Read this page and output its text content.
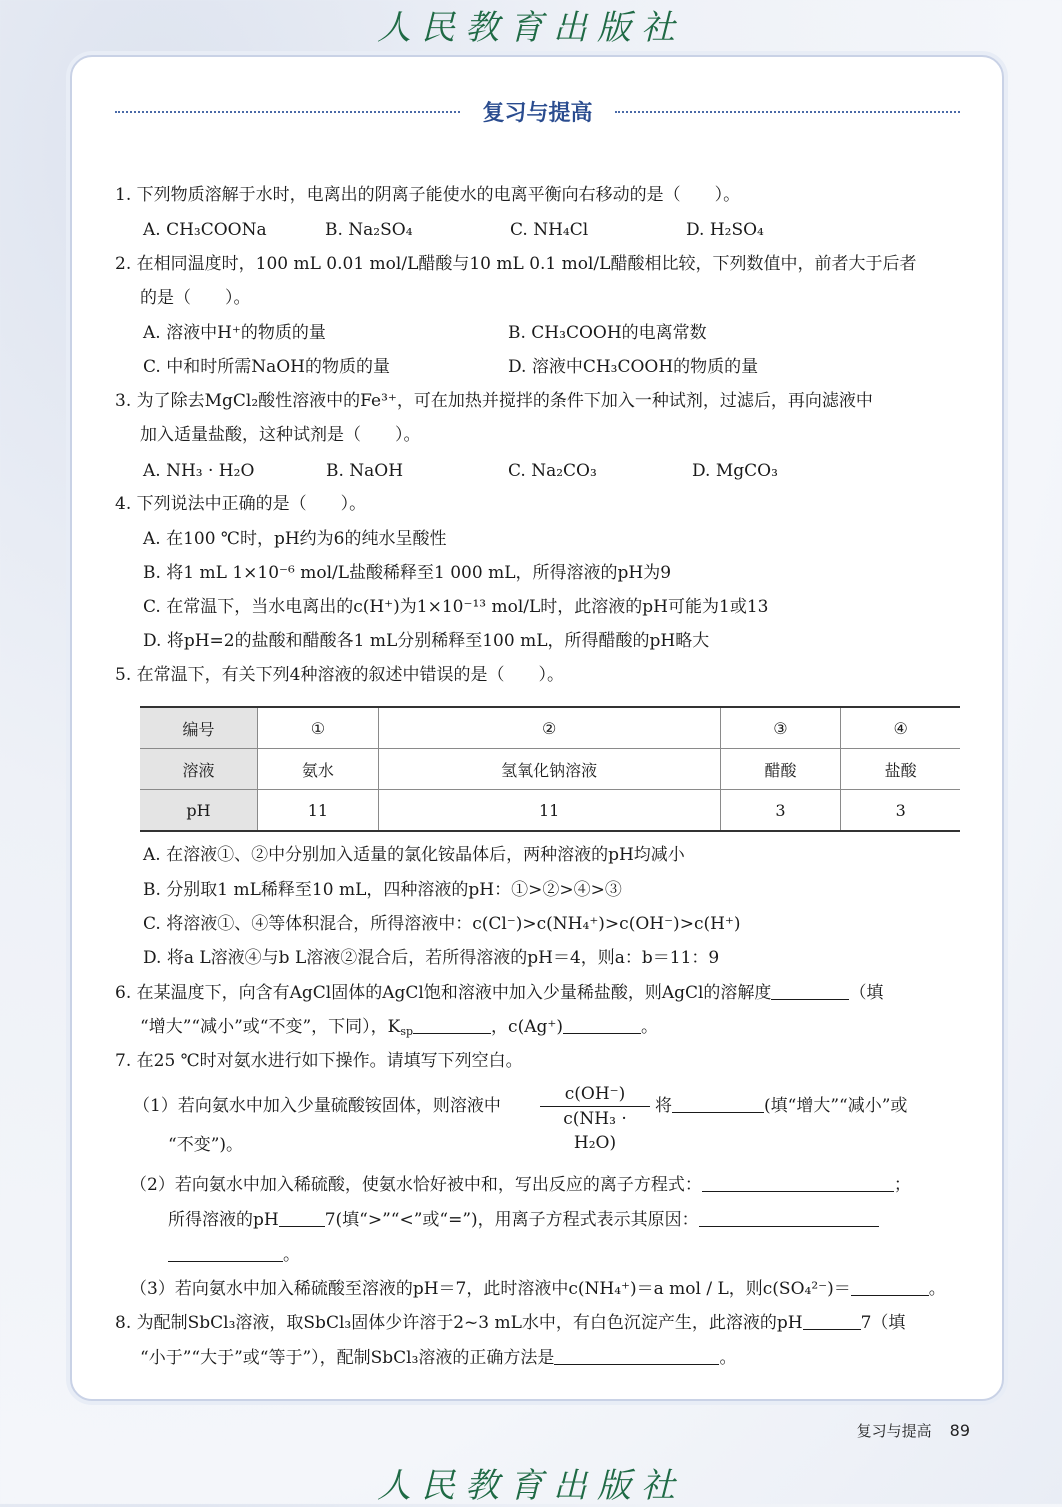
人民教育出版社
复习与提高
1. 下列物质溶解于水时，电离出的阴离子能使水的电离平衡向右移动的是（　　）。
A. CH₃COONa	B. Na₂SO₄	C. NH₄Cl	D. H₂SO₄
2. 在相同温度时，100 mL 0.01 mol/L醋酸与10 mL 0.1 mol/L醋酸相比较，下列数值中，前者大于后者
的是（　　）。
A. 溶液中H⁺的物质的量	B. CH₃COOH的电离常数
C. 中和时所需NaOH的物质的量	D. 溶液中CH₃COOH的物质的量
3. 为了除去MgCl₂酸性溶液中的Fe³⁺，可在加热并搅拌的条件下加入一种试剂，过滤后，再向滤液中
加入适量盐酸，这种试剂是（　　）。
A. NH₃ · H₂O	B. NaOH	C. Na₂CO₃	D. MgCO₃
4. 下列说法中正确的是（　　）。
A. 在100 ℃时，pH约为6的纯水呈酸性
B. 将1 mL 1×10⁻⁶ mol/L盐酸稀释至1 000 mL，所得溶液的pH为9
C. 在常温下，当水电离出的c(H⁺)为1×10⁻¹³ mol/L时，此溶液的pH可能为1或13
D. 将pH=2的盐酸和醋酸各1 mL分别稀释至100 mL，所得醋酸的pH略大
5. 在常温下，有关下列4种溶液的叙述中错误的是（　　）。
编号	①	②	③	④
溶液	氨水	氢氧化钠溶液	醋酸	盐酸
pH	11	11	3	3
A. 在溶液①、②中分别加入适量的氯化铵晶体后，两种溶液的pH均减小
B. 分别取1 mL稀释至10 mL，四种溶液的pH：①>②>④>③
C. 将溶液①、④等体积混合，所得溶液中：c(Cl⁻)>c(NH₄⁺)>c(OH⁻)>c(H⁺)
D. 将a L溶液④与b L溶液②混合后，若所得溶液的pH＝4，则a：b＝11：9
6. 在某温度下，向含有AgCl固体的AgCl饱和溶液中加入少量稀盐酸，则AgCl的溶解度	（填
“增大”“减小”或“不变”，下同），$K_{sp}$	，c(Ag⁺)	。
7. 在25 ℃时对氨水进行如下操作。请填写下列空白。
（1）若向氨水中加入少量硫酸铵固体，则溶液中
c(OH⁻)
c(NH₃ · H₂O)
将	(填“增大”“减小”或
“不变”)。
（2）若向氨水中加入稀硫酸，使氨水恰好被中和，写出反应的离子方程式：	；
所得溶液的pH	7(填“>”“<”或“=”)，用离子方程式表示其原因：
。
（3）若向氨水中加入稀硫酸至溶液的pH＝7，此时溶液中c(NH₄⁺)＝a mol / L，则c(SO₄²⁻)＝	。
8. 为配制SbCl₃溶液，取SbCl₃固体少许溶于2~3 mL水中，有白色沉淀产生，此溶液的pH	7（填
“小于”“大于”或“等于”），配制SbCl₃溶液的正确方法是	。
复习与提高 89
人民教育出版社
